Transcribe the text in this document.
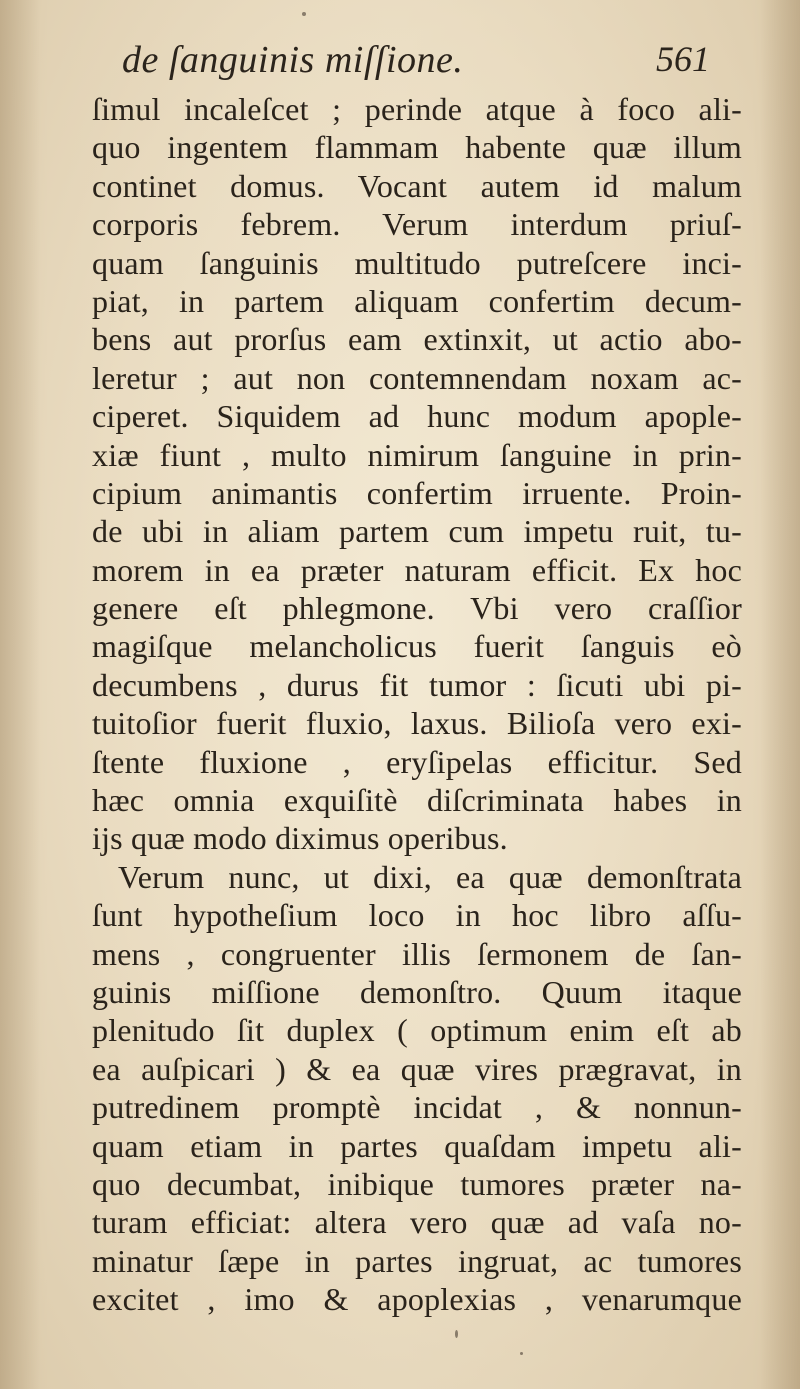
de ſanguinis miſſione.	561
ſimul incaleſcet ; perinde atque à foco ali-
quo ingentem flammam habente quæ illum
continet domus. Vocant autem id malum
corporis febrem. Verum interdum priuſ-
quam ſanguinis multitudo putreſcere inci-
piat, in partem aliquam confertim decum-
bens aut prorſus eam extinxit, ut actio abo-
leretur ; aut non contemnendam noxam ac-
ciperet. Siquidem ad hunc modum apople-
xiæ fiunt , multo nimirum ſanguine in prin-
cipium animantis confertim irruente. Proin-
de ubi in aliam partem cum impetu ruit, tu-
morem in ea præter naturam efficit. Ex hoc
genere eſt phlegmone. Vbi vero craſſior
magiſque melancholicus fuerit ſanguis eò
decumbens , durus fit tumor : ſicuti ubi pi-
tuitoſior fuerit fluxio, laxus. Bilioſa vero exi-
ſtente fluxione , eryſipelas efficitur. Sed
hæc omnia exquiſitè diſcriminata habes in
ijs quæ modo diximus operibus.
Verum nunc, ut dixi, ea quæ demonſtrata
ſunt hypotheſium loco in hoc libro aſſu-
mens , congruenter illis ſermonem de ſan-
guinis miſſione demonſtro. Quum itaque
plenitudo ſit duplex ( optimum enim eſt ab
ea auſpicari ) & ea quæ vires prægravat, in
putredinem promptè incidat , & nonnun-
quam etiam in partes quaſdam impetu ali-
quo decumbat, inibique tumores præter na-
turam efficiat: altera vero quæ ad vaſa no-
minatur ſæpe in partes ingruat, ac tumores
excitet , imo & apoplexias , venarumque
